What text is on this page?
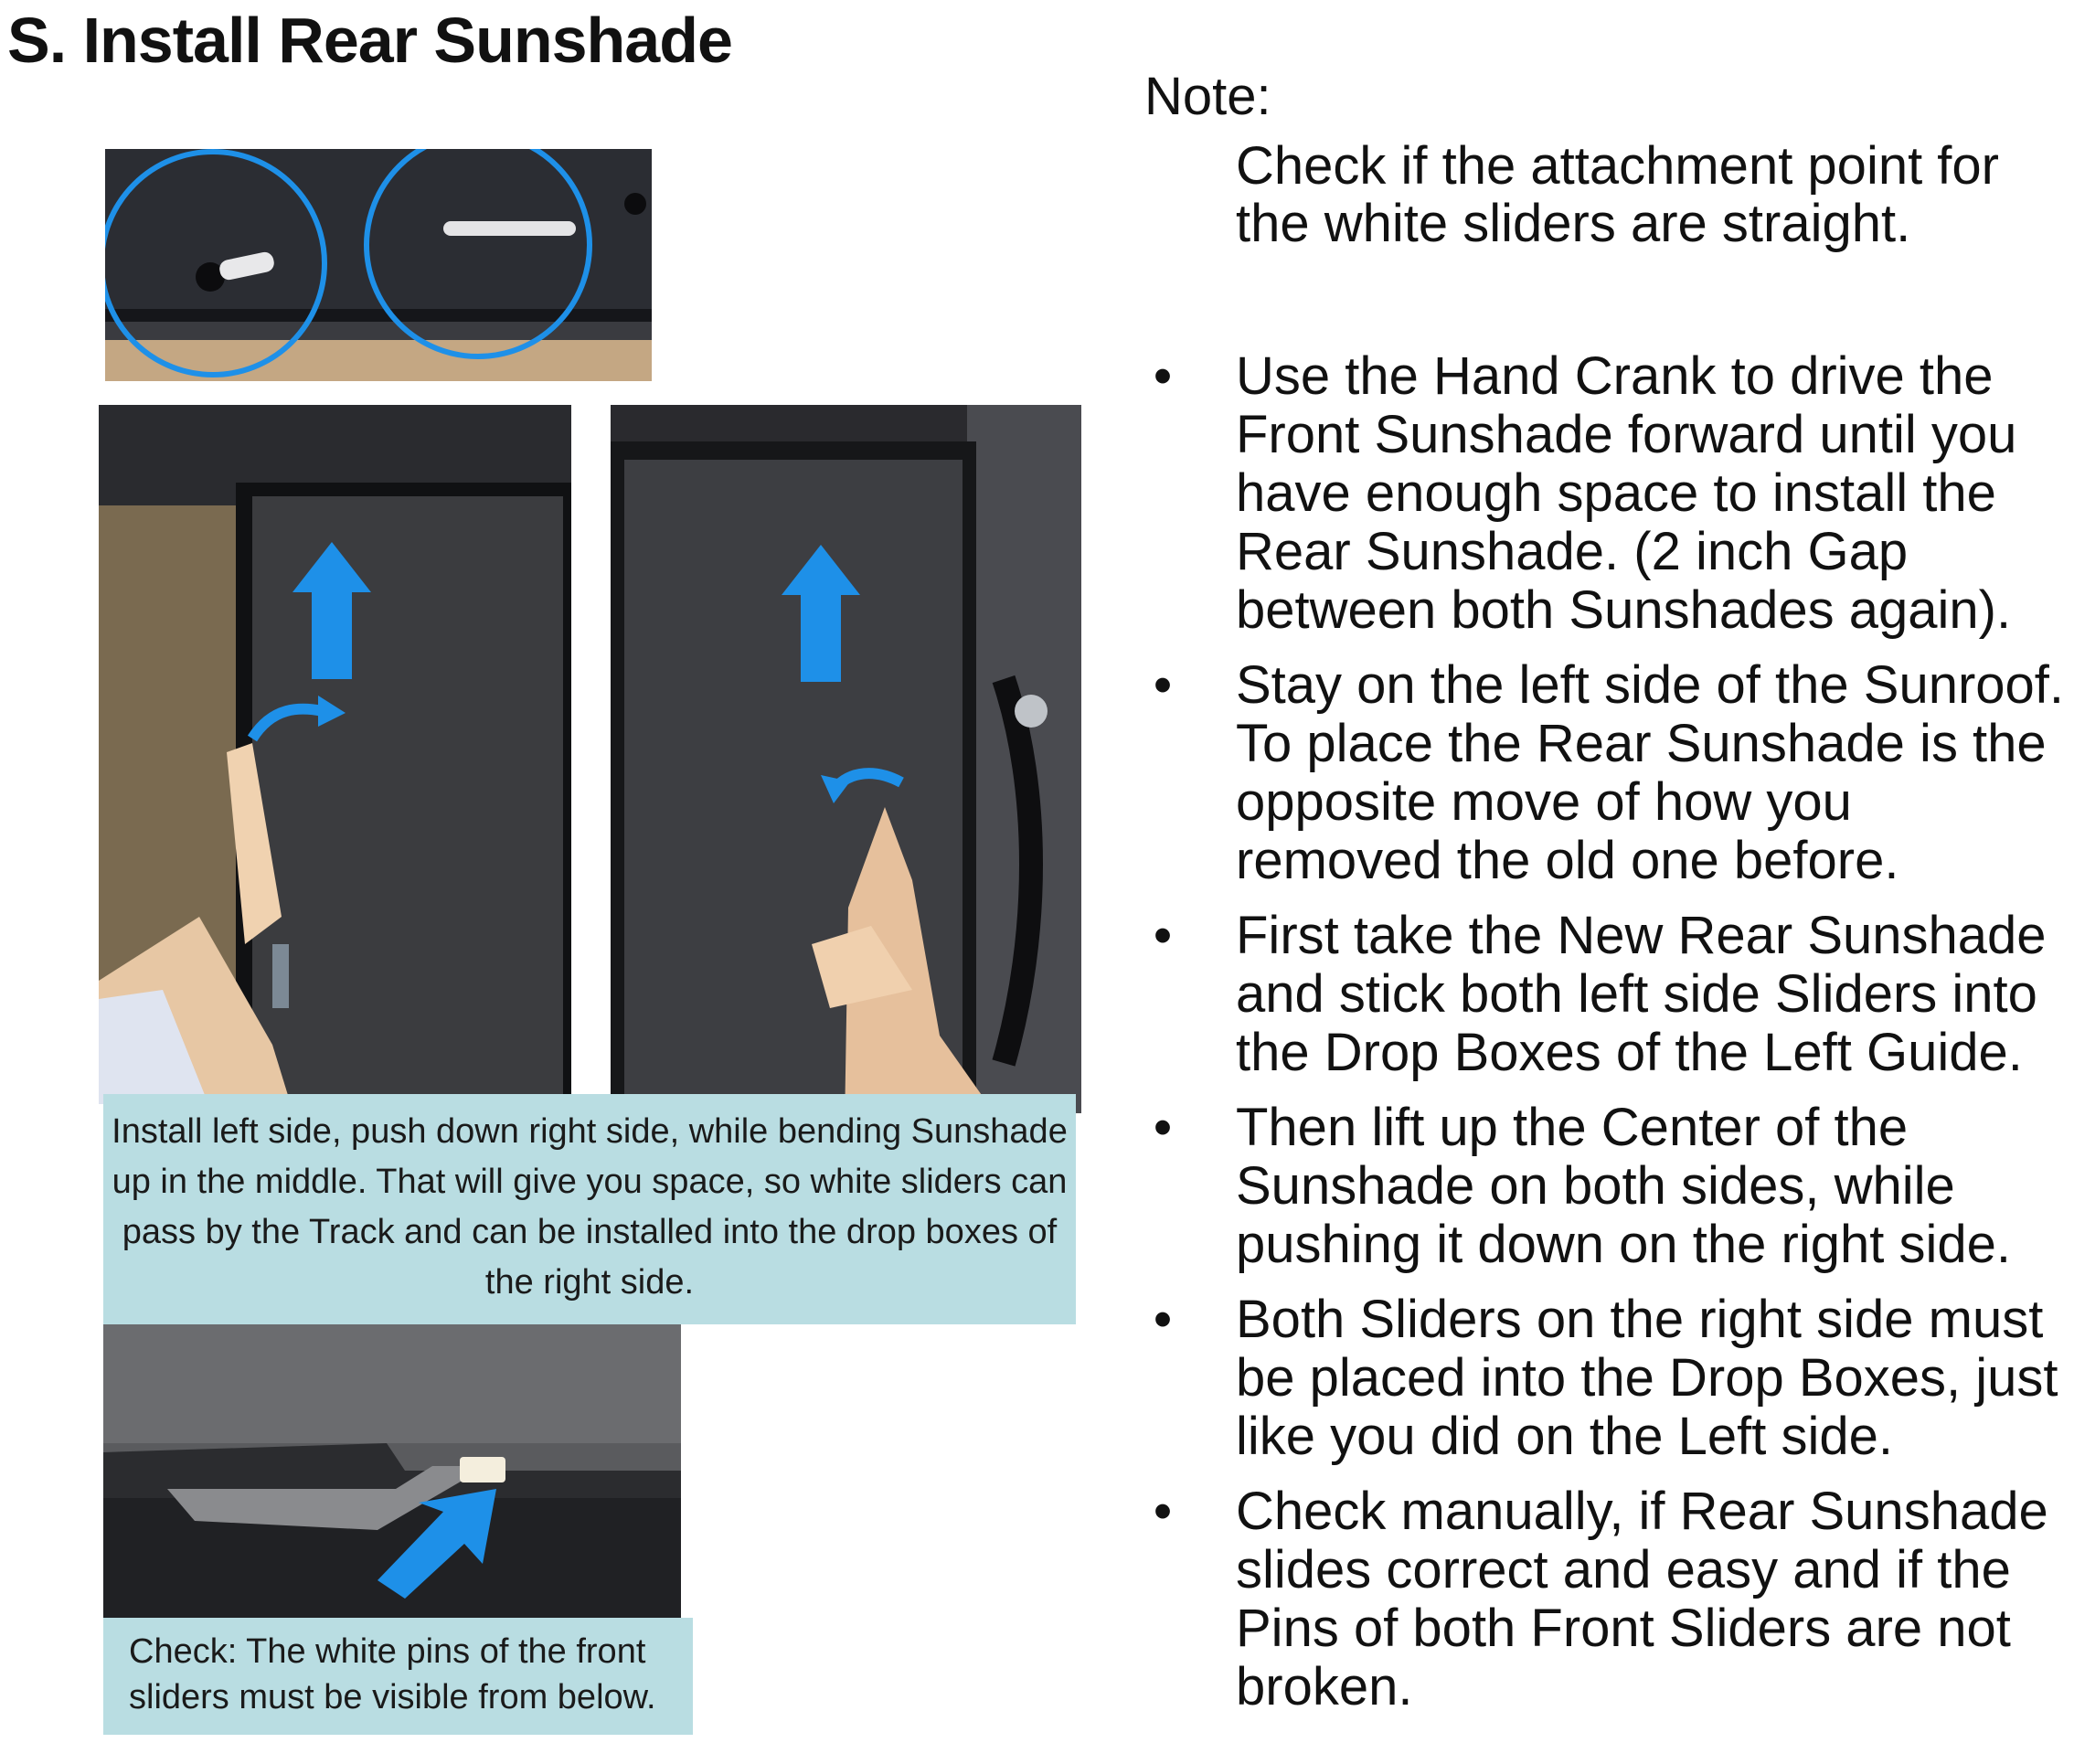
S. Install Rear Sunshade
Install left side, push down right side, while bending Sunshade up in the middle. That will give you space, so white sliders can pass by the Track and can be installed into the drop boxes of the right side.
Check: The white pins of the front sliders must be visible from below.
Note:
Check if the attachment point for the white sliders are straight.
• Use the Hand Crank to drive the Front Sunshade forward until you have enough space to install the Rear Sunshade. (2 inch Gap between both Sunshades again).
• Stay on the left side of the Sunroof. To place the Rear Sunshade is the opposite move of how you removed the old one before.
• First take the New Rear Sunshade and stick both left side Sliders into the Drop Boxes of the Left Guide.
• Then lift up the Center of the Sunshade on both sides, while pushing it down on the right side.
• Both Sliders on the right side must be placed into the Drop Boxes, just like you did on the Left side.
• Check manually, if Rear Sunshade slides correct and easy and if the Pins of both Front Sliders are not broken.
